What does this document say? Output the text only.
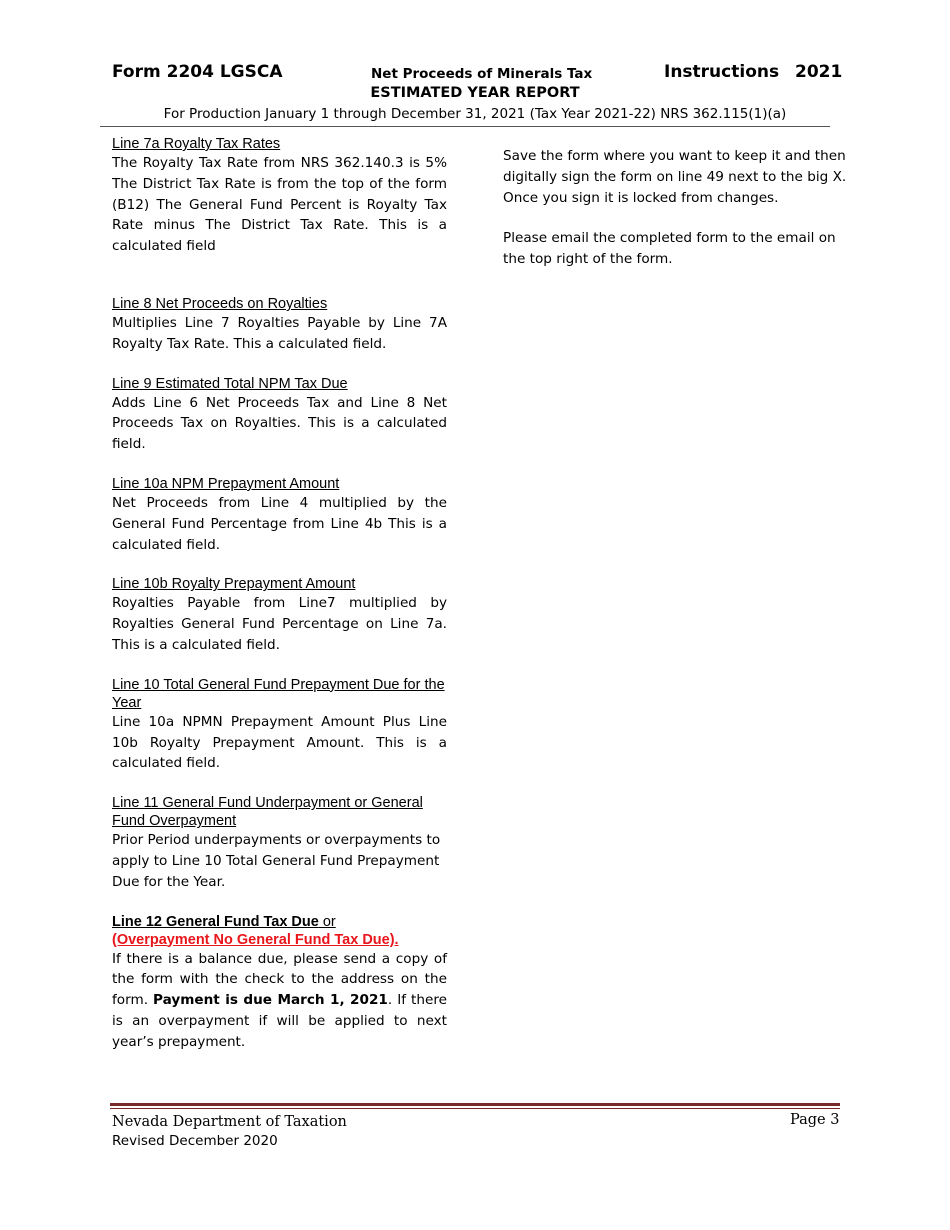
Form 2204 LGSCA	Net Proceeds of Minerals Tax	Instructions 2021
ESTIMATED YEAR REPORT
For Production January 1 through December 31, 2021 (Tax Year 2021-22) NRS 362.115(1)(a)
Line 7a Royalty Tax Rates
The Royalty Tax Rate from NRS 362.140.3 is 5% The District Tax Rate is from the top of the form (B12) The General Fund Percent is Royalty Tax Rate minus The District Tax Rate. This is a calculated field
Line 8 Net Proceeds on Royalties
Multiplies Line 7 Royalties Payable by Line 7A Royalty Tax Rate. This a calculated field.
Line 9 Estimated Total NPM Tax Due
Adds Line 6 Net Proceeds Tax and Line 8 Net Proceeds Tax on Royalties. This is a calculated field.
Line 10a NPM Prepayment Amount
Net Proceeds from Line 4 multiplied by the General Fund Percentage from Line 4b This is a calculated field.
Line 10b Royalty Prepayment Amount
Royalties Payable from Line7 multiplied by Royalties General Fund Percentage on Line 7a. This is a calculated field.
Line 10 Total General Fund Prepayment Due for the Year
Line 10a NPMN Prepayment Amount Plus Line 10b Royalty Prepayment Amount. This is a calculated field.
Line 11 General Fund Underpayment or General Fund Overpayment
Prior Period underpayments or overpayments to apply to Line 10 Total General Fund Prepayment Due for the Year.
Line 12 General Fund Tax Due or
(Overpayment No General Fund Tax Due).
If there is a balance due, please send a copy of the form with the check to the address on the form. Payment is due March 1, 2021. If there is an overpayment if will be applied to next year’s prepayment.

Save the form where you want to keep it and then digitally sign the form on line 49 next to the big X. Once you sign it is locked from changes.

Please email the completed form to the email on the top right of the form.

Nevada Department of Taxation
Revised December 2020
Page 3
